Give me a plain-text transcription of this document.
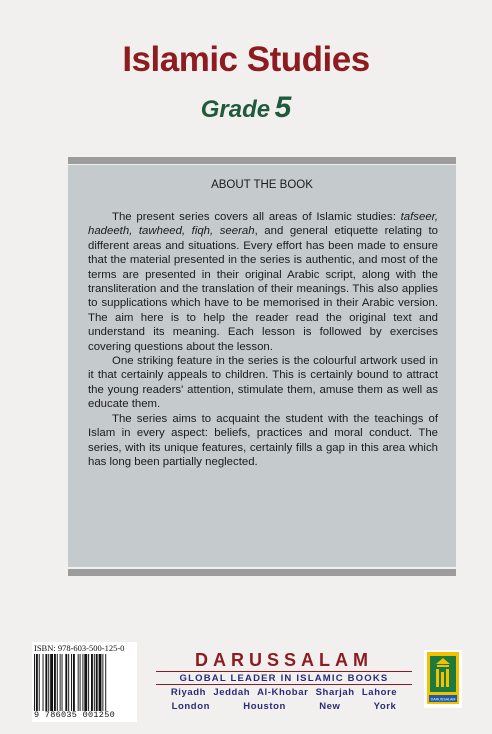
Islamic Studies
Grade 5
ABOUT THE BOOK

The present series covers all areas of Islamic studies: tafseer, hadeeth, tawheed, fiqh, seerah, and general etiquette relating to different areas and situations. Every effort has been made to ensure that the material presented in the series is authentic, and most of the terms are presented in their original Arabic script, along with the transliteration and the translation of their meanings. This also applies to supplications which have to be memorised in their Arabic version. The aim here is to help the reader read the original text and understand its meaning. Each lesson is followed by exercises covering questions about the lesson.

One striking feature in the series is the colourful artwork used in it that certainly appeals to children. This is certainly bound to attract the young readers' attention, stimulate them, amuse them as well as educate them.

The series aims to acquaint the student with the teachings of Islam in every aspect: beliefs, practices and moral conduct. The series, with its unique features, certainly fills a gap in this area which has long been partially neglected.

ISBN: 978-603-500-125-0
9 786035 001250
DARUSSALAM
GLOBAL LEADER IN ISLAMIC BOOKS
Riyadh Jeddah Al-Khobar Sharjah Lahore
London Houston New York
DARUSSALAM
